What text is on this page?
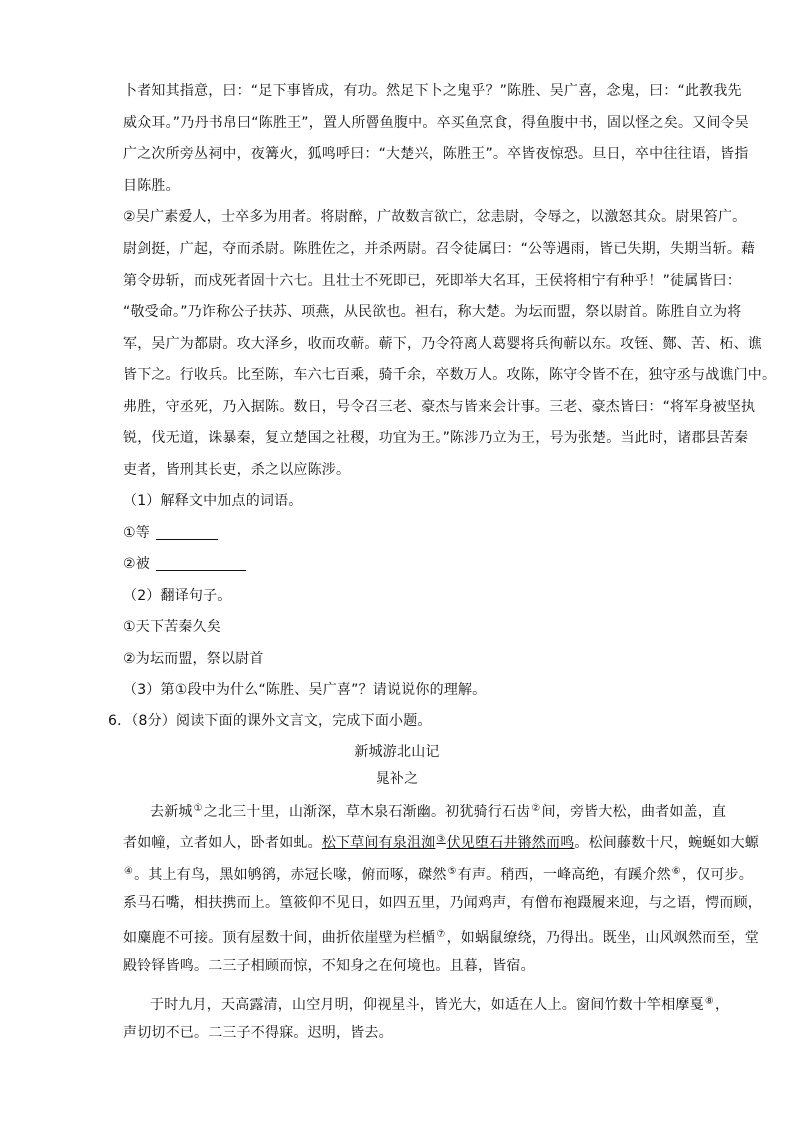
卜者知其指意，曰：“足下事皆成，有功。然足下卜之鬼乎？”陈胜、吴广喜，念鬼，曰：“此教我先
威众耳。”乃丹书帛曰“陈胜王”，置人所罾鱼腹中。卒买鱼烹食，得鱼腹中书，固以怪之矣。又间令吴
广之次所旁丛祠中，夜篝火，狐鸣呼曰：“大楚兴，陈胜王”。卒皆夜惊恐。旦日，卒中往往语，皆指
目陈胜。
②吴广素爱人，士卒多为用者。将尉醉，广故数言欲亡，忿恚尉，令辱之，以激怒其众。尉果笞广。
尉剑挺，广起，夺而杀尉。陈胜佐之，并杀两尉。召令徒属曰：“公等遇雨，皆已失期，失期当斩。藉
第令毋斩，而戍死者固十六七。且壮士不死即已，死即举大名耳，王侯将相宁有种乎！”徒属皆曰：
“敬受命。”乃诈称公子扶苏、项燕，从民欲也。袒右，称大楚。为坛而盟，祭以尉首。陈胜自立为将
军，吴广为都尉。攻大泽乡，收而攻蕲。蕲下，乃令符离人葛婴将兵徇蕲以东。攻铚、酂、苦、柘、谯
皆下之。行收兵。比至陈，车六七百乘，骑千余，卒数万人。攻陈，陈守令皆不在，独守丞与战谯门中。
弗胜，守丞死，乃入据陈。数日，号令召三老、豪杰与皆来会计事。三老、豪杰皆曰：“将军身被坚执
锐，伐无道，诛暴秦，复立楚国之社稷，功宜为王。”陈涉乃立为王，号为张楚。当此时，诸郡县苦秦
吏者，皆刑其长吏，杀之以应陈涉。
（1）解释文中加点的词语。
①等
②被
（2）翻译句子。
①天下苦秦久矣
②为坛而盟，祭以尉首
（3）第①段中为什么“陈胜、吴广喜”？请说说你的理解。
6．（8分）阅读下面的课外文言文，完成下面小题。
新城游北山记
晁补之
去新城①之北三十里，山渐深，草木泉石渐幽。初犹骑行石齿②间，旁皆大松，曲者如盖，直
者如幢，立者如人，卧者如虬。松下草间有泉沮洳③伏见堕石井锵然而鸣。松间藤数十尺，蜿蜒如大螈
④。其上有鸟，黑如鸲鹆，赤冠长喙，俯而啄，磔然⑤有声。稍西，一峰高绝，有蹊介然⑥，仅可步。
系马石嘴，相扶携而上。篁筱仰不见日，如四五里，乃闻鸡声，有僧布袍蹑履来迎，与之语，愕而顾，
如麋鹿不可接。顶有屋数十间，曲折依崖壁为栏楯⑦，如蜗鼠缭绕，乃得出。既坐，山风飒然而至，堂
殿铃铎皆鸣。二三子相顾而惊，不知身之在何境也。且暮，皆宿。
于时九月，天高露清，山空月明，仰视星斗，皆光大，如适在人上。窗间竹数十竿相摩戛⑧，
声切切不已。二三子不得寐。迟明，皆去。
